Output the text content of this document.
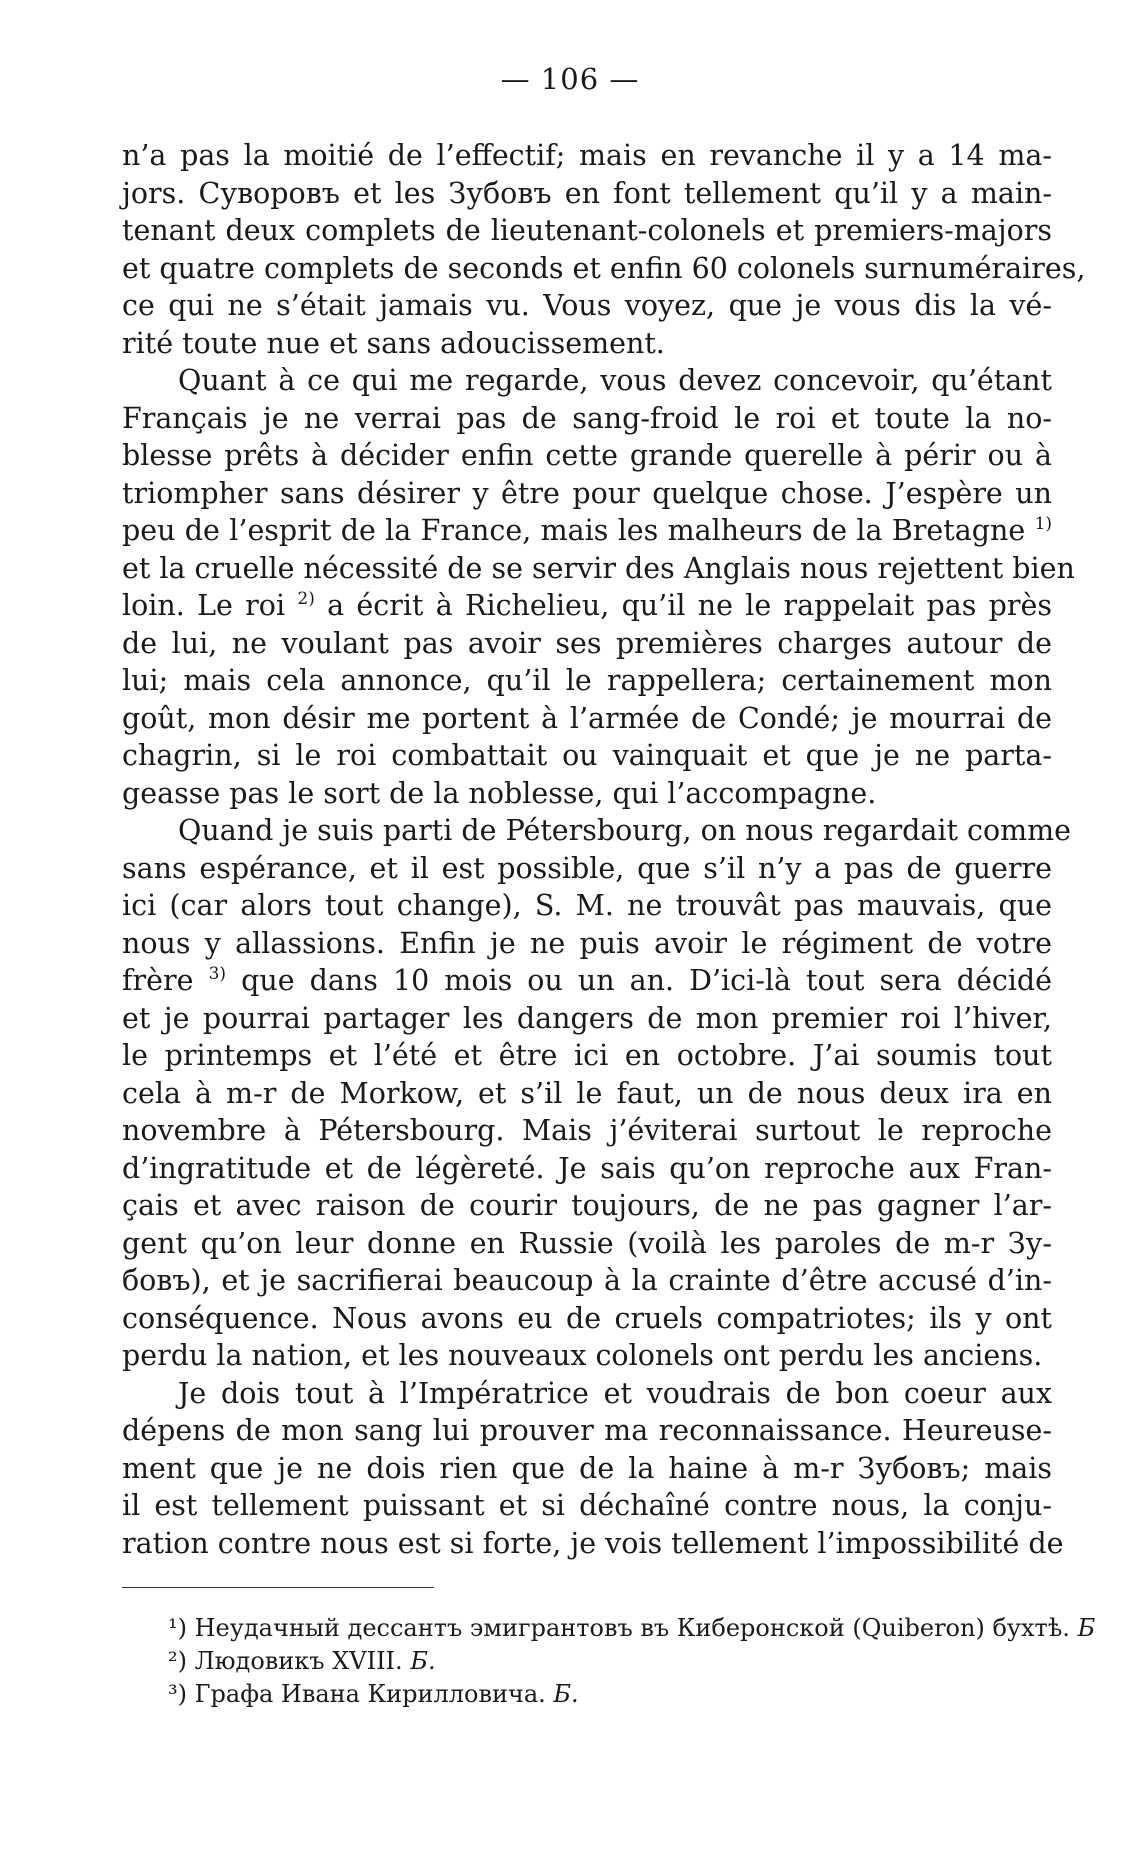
— 106 —

n’a pas la moitié de l’effectif; mais en revanche il y a 14 ma-
jors. Суворовъ et les Зубовъ en font tellement qu’il y a main-
tenant deux complets de lieutenant-colonels et premiers-majors
et quatre complets de seconds et enfin 60 colonels surnuméraires,
ce qui ne s’était jamais vu. Vous voyez, que je vous dis la vé-
rité toute nue et sans adoucissement.

Quant à ce qui me regarde, vous devez concevoir, qu’étant
Français je ne verrai pas de sang-froid le roi et toute la no-
blesse prêts à décider enfin cette grande querelle à périr ou à
triompher sans désirer y être pour quelque chose. J’espère un
peu de l’esprit de la France, mais les malheurs de la Bretagne $^{1)}$
et la cruelle nécessité de se servir des Anglais nous rejettent bien
loin. Le roi $^{2)}$ a écrit à Richelieu, qu’il ne le rappelait pas près
de lui, ne voulant pas avoir ses premières charges autour de
lui; mais cela annonce, qu’il le rappellera; certainement mon
goût, mon désir me portent à l’armée de Condé; je mourrai de
chagrin, si le roi combattait ou vainquait et que je ne parta-
geasse pas le sort de la noblesse, qui l’accompagne.

Quand je suis parti de Pétersbourg, on nous regardait comme
sans espérance, et il est possible, que s’il n’y a pas de guerre
ici (car alors tout change), S. M. ne trouvât pas mauvais, que
nous y allassions. Enfin je ne puis avoir le régiment de votre
frère $^{3)}$ que dans 10 mois ou un an. D’ici-là tout sera décidé
et je pourrai partager les dangers de mon premier roi l’hiver,
le printemps et l’été et être ici en octobre. J’ai soumis tout
cela à m-r de Morkow, et s’il le faut, un de nous deux ira en
novembre à Pétersbourg. Mais j’éviterai surtout le reproche
d’ingratitude et de légèreté. Je sais qu’on reproche aux Fran-
çais et avec raison de courir toujours, de ne pas gagner l’ar-
gent qu’on leur donne en Russie (voilà les paroles de m-r Зу-
бовъ), et je sacrifierai beaucoup à la crainte d’être accusé d’in-
conséquence. Nous avons eu de cruels compatriotes; ils y ont
perdu la nation, et les nouveaux colonels ont perdu les anciens.

Je dois tout à l’Impératrice et voudrais de bon coeur aux
dépens de mon sang lui prouver ma reconnaissance. Heureuse-
ment que je ne dois rien que de la haine à m-r Зубовъ; mais
il est tellement puissant et si déchaîné contre nous, la conju-
ration contre nous est si forte, je vois tellement l’impossibilité de

¹) Неудачный дессантъ эмигрантовъ въ Киберонской (Quiberon) бухтѣ. Б
²) Людовикъ XVIII. Б.
³) Графа Ивана Кирилловича. Б.
